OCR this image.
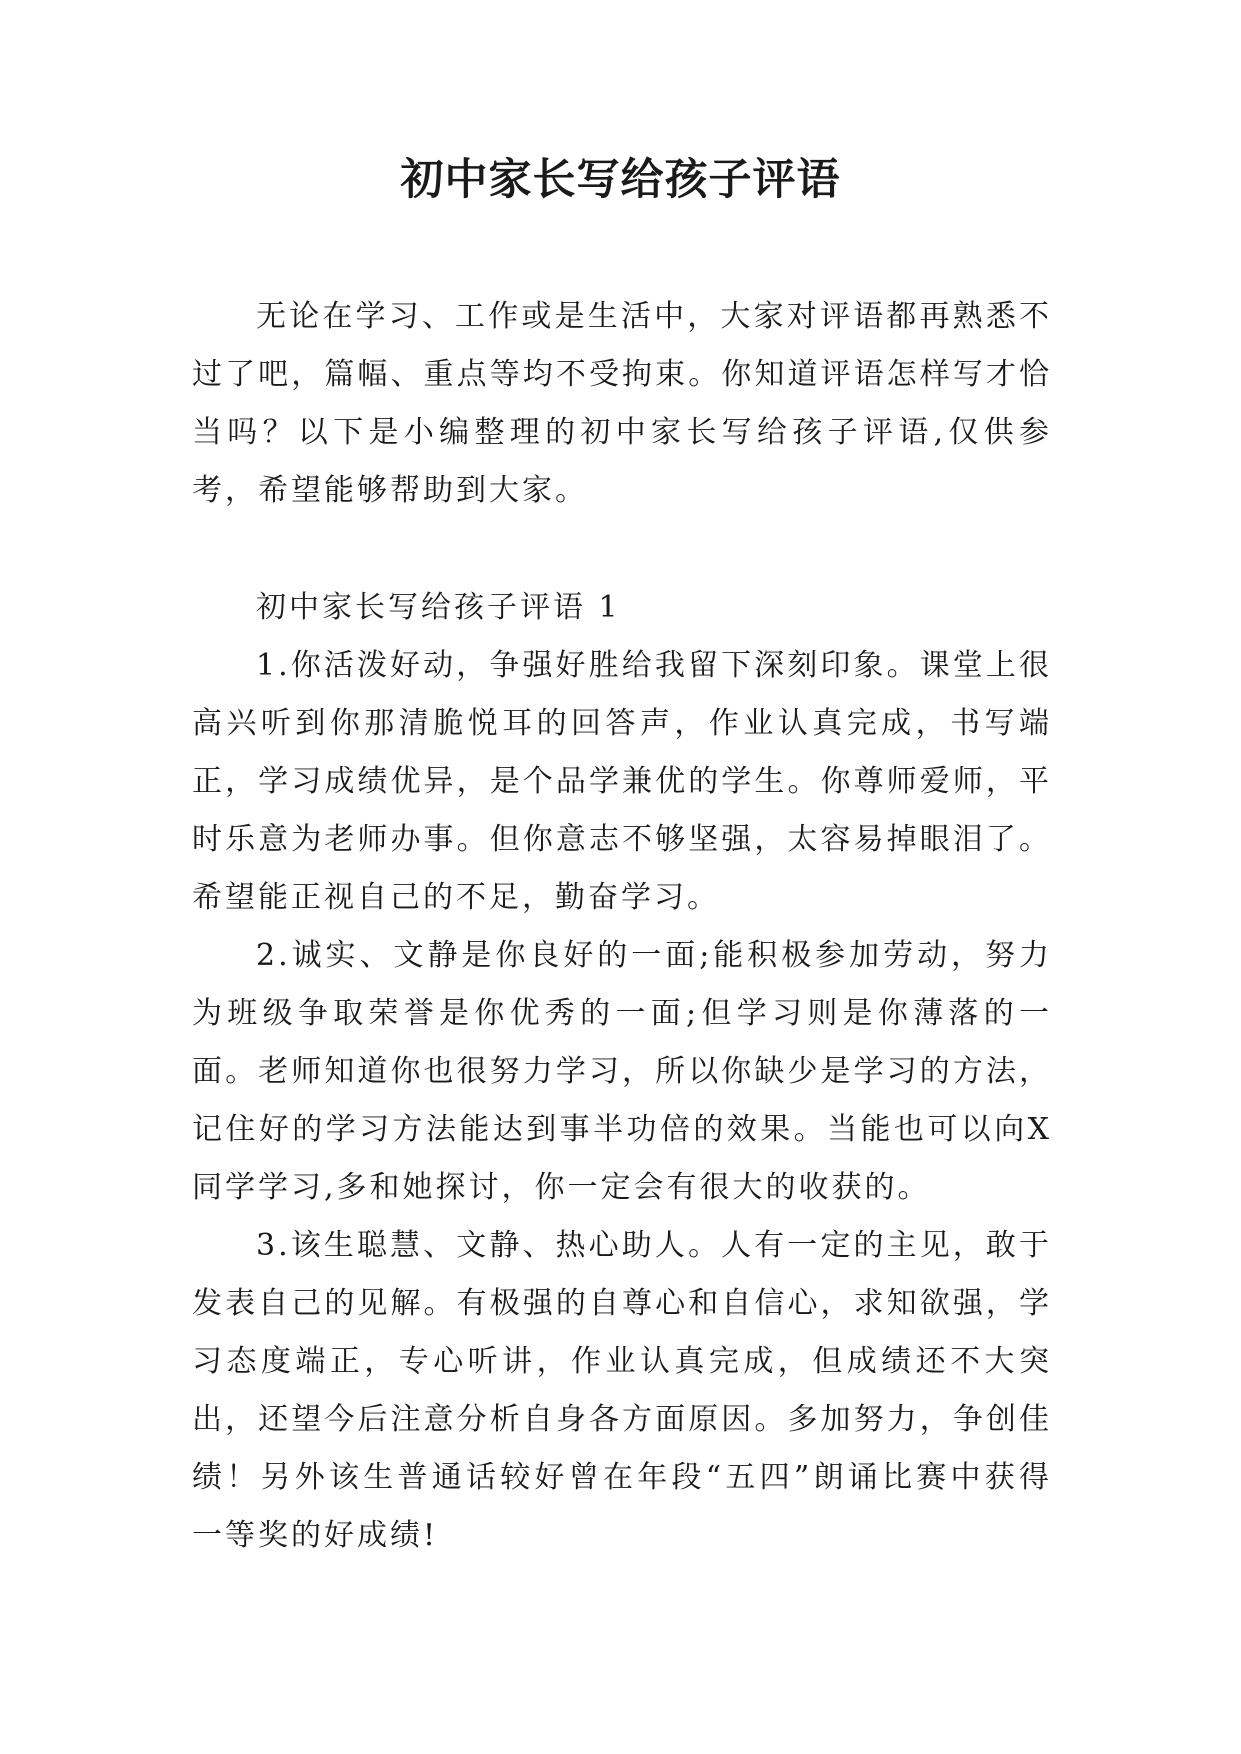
初中家长写给孩子评语

无论在学习、工作或是生活中，大家对评语都再熟悉不过了吧，篇幅、重点等均不受拘束。你知道评语怎样写才恰当吗？以下是小编整理的初中家长写给孩子评语,仅供参考，希望能够帮助到大家。

初中家长写给孩子评语 1

1.你活泼好动，争强好胜给我留下深刻印象。课堂上很高兴听到你那清脆悦耳的回答声，作业认真完成，书写端正，学习成绩优异，是个品学兼优的学生。你尊师爱师，平时乐意为老师办事。但你意志不够坚强，太容易掉眼泪了。希望能正视自己的不足，勤奋学习。

2.诚实、文静是你良好的一面;能积极参加劳动，努力为班级争取荣誉是你优秀的一面;但学习则是你薄落的一面。老师知道你也很努力学习，所以你缺少是学习的方法，记住好的学习方法能达到事半功倍的效果。当能也可以向X同学学习,多和她探讨，你一定会有很大的收获的。

3.该生聪慧、文静、热心助人。人有一定的主见，敢于发表自己的见解。有极强的自尊心和自信心，求知欲强，学习态度端正，专心听讲，作业认真完成，但成绩还不大突出，还望今后注意分析自身各方面原因。多加努力，争创佳绩！另外该生普通话较好曾在年段“五四”朗诵比赛中获得一等奖的好成绩!
